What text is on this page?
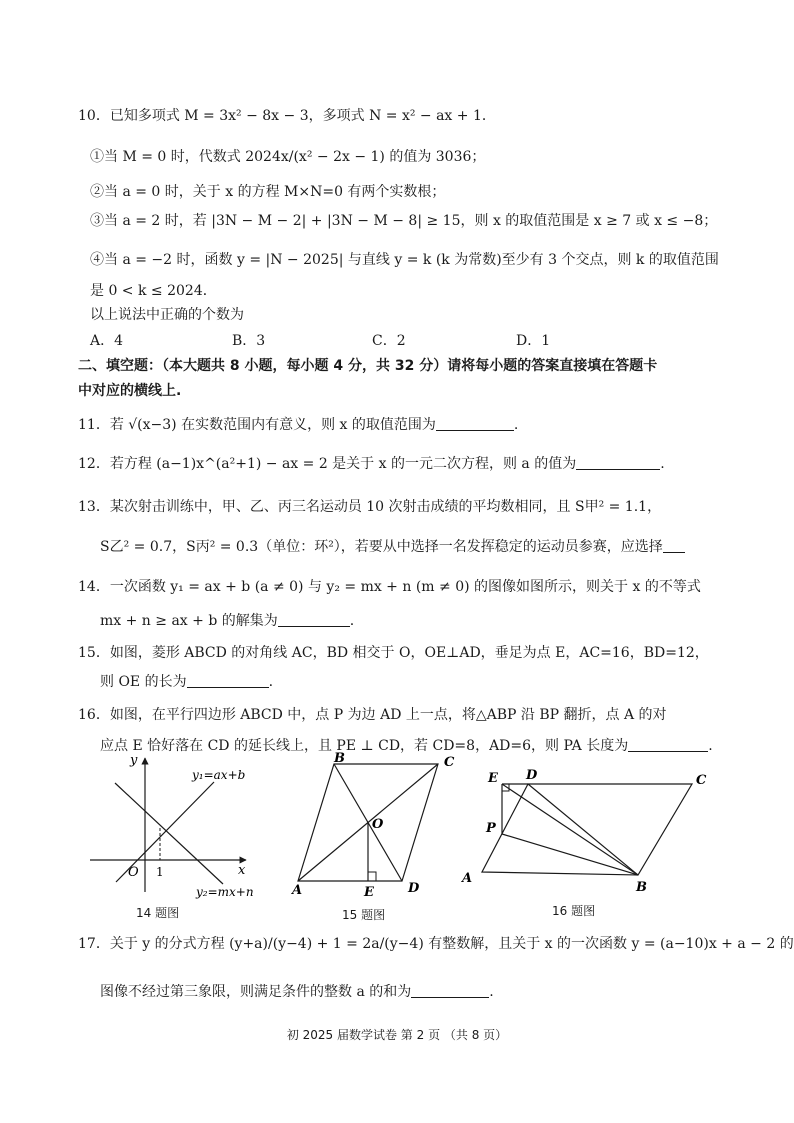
10．已知多项式 M = 3x² − 8x − 3，多项式 N = x² − ax + 1．
①当 M = 0 时，代数式 2024x/(x² − 2x − 1) 的值为 3036；
②当 a = 0 时，关于 x 的方程 M×N=0 有两个实数根；
③当 a = 2 时，若 |3N − M − 2| + |3N − M − 8| ≥ 15，则 x 的取值范围是 x ≥ 7 或 x ≤ −8；
④当 a = −2 时，函数 y = |N − 2025| 与直线 y = k (k 为常数)至少有 3 个交点，则 k 的取值范围
是 0 < k ≤ 2024．
以上说法中正确的个数为
A．4	B．3	C．2	D．1
二、填空题：（本大题共 8 小题，每小题 4 分，共 32 分）请将每小题的答案直接填在答题卡
中对应的横线上.
11．若 √(x−3) 在实数范围内有意义，则 x 的取值范围为	.
12．若方程 (a−1)x^(a²+1) − ax = 2 是关于 x 的一元二次方程，则 a 的值为	.
13．某次射击训练中，甲、乙、丙三名运动员 10 次射击成绩的平均数相同，且 S甲² = 1.1，
S乙² = 0.7，S丙² = 0.3（单位：环²），若要从中选择一名发挥稳定的运动员参赛，应选择
14．一次函数 y₁ = ax + b (a ≠ 0) 与 y₂ = mx + n (m ≠ 0) 的图像如图所示，则关于 x 的不等式
mx + n ≥ ax + b 的解集为	.
15．如图，菱形 ABCD 的对角线 AC，BD 相交于 O，OE⊥AD，垂足为点 E，AC=16，BD=12，
则 OE 的长为	.
16．如图，在平行四边形 ABCD 中，点 P 为边 AD 上一点，将△ABP 沿 BP 翻折，点 A 的对
应点 E 恰好落在 CD 的延长线上，且 PE ⊥ CD，若 CD=8，AD=6，则 PA 长度为	.
y
x
O 1
y₁=ax+b
y₂=mx+n
14 题图
A
B	C
D
O
E
15 题图
E D	C
P
A
B
16 题图
17．关于 y 的分式方程 (y+a)/(y−4) + 1 = 2a/(y−4) 有整数解，且关于 x 的一次函数 y = (a−10)x + a − 2 的
图像不经过第三象限，则满足条件的整数 a 的和为	.
初 2025 届数学试卷 第 2 页 （共 8 页）
